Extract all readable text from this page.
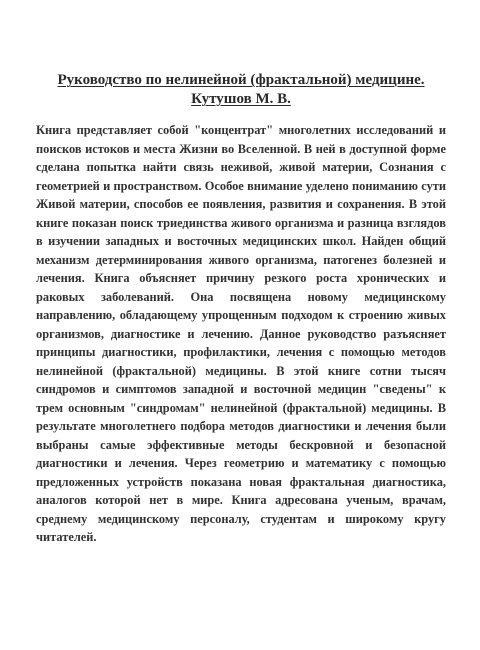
Руководство по нелинейной (фрактальной) медицине.
Кутушов М. В.

Книга представляет собой "концентрат" многолетних исследований и поисков истоков и места Жизни во Вселенной. В ней в доступной форме сделана попытка найти связь неживой, живой материи, Сознания с геометрией и пространством. Особое внимание уделено пониманию сути Живой материи, способов ее появления, развития и сохранения. В этой книге показан поиск триединства живого организма и разница взглядов в изучении западных и восточных медицинских школ. Найден общий механизм детерминирования живого организма, патогенез болезней и лечения. Книга объясняет причину резкого роста хронических и раковых заболеваний. Она посвящена новому медицинскому направлению, обладающему упрощенным подходом к строению живых организмов, диагностике и лечению. Данное руководство разъясняет принципы диагностики, профилактики, лечения с помощью методов нелинейной (фрактальной) медицины. В этой книге сотни тысяч синдромов и симптомов западной и восточной медицин "сведены" к трем основным "синдромам" нелинейной (фрактальной) медицины. В результате многолетнего подбора методов диагностики и лечения были выбраны самые эффективные методы бескровной и безопасной диагностики и лечения. Через геометрию и математику с помощью предложенных устройств показана новая фрактальная диагностика, аналогов которой нет в мире. Книга адресована ученым, врачам, среднему медицинскому персоналу, студентам и широкому кругу читателей.
